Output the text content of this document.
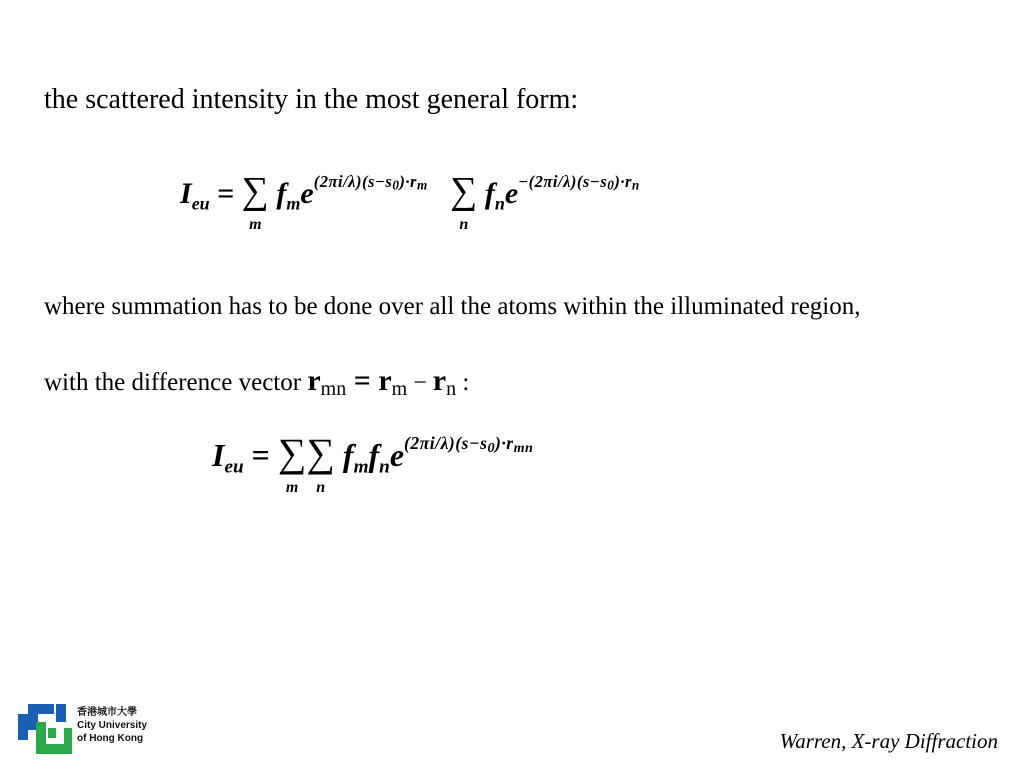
the scattered intensity in the most general form:
$I_{eu}$ = ∑
m
$f_me^{(2\pi i/\lambda)(s-s0)\cdot rm}$ ∑
n
$f_ne^{-(2\pi i/\lambda)(s-s0)\cdot rn}$
where summation has to be done over all the atoms within the illuminated region,
with the difference vector $r_{mn} = r_m - r_n$ :
$I_{eu}$ = ∑
m
∑
n
$f_mf_ne^{(2\pi i/\lambda)(s-s0)\cdot rmn}$
香港城市大學
City University
of Hong Kong	Warren, X-ray Diffraction
